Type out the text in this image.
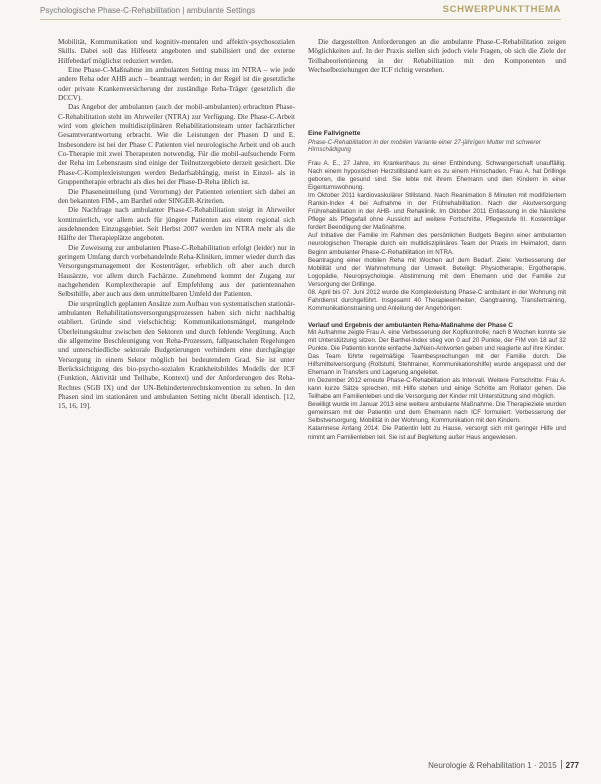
Psychologische Phase-C-Rehabilitation | ambulante Settings	SCHWERPUNKTTHEMA

Mobilität, Kommunikation und kognitiv-mentalen und affektiv-psychosozialen Skills. Dabei soll das Hilfesetz angeboten und stabilisiert und der externe Hilfebedarf möglichst reduziert werden.

Eine Phase-C-Maßnahme im ambulanten Setting muss im NTRA – wie jede andere Reha oder AHB auch – beantragt werden; in der Regel ist die gesetzliche oder private Krankenversicherung der zuständige Reha-Träger (gesetzlich die DCCV).

Das Angebot der ambulanten (auch der mobil-ambulanten) erbrachten Phase-C-Rehabilitation steht im Ahrweiler (NTRA) zur Verfügung. Die Phase-C-Arbeit wird vom gleichen multidisziplinären Rehabilitationsteam unter fachärztlicher Gesamtverantwortung erbracht. Wie die Leistungen der Phasen D und E. Insbesondere ist bei der Phase C Patienten viel neurologische Arbeit und ob auch Co-Therapie mit zwei Therapeuten notwendig. Für die mobil-aufsuchende Form der Reha im Lebensraum sind einige der Teilnutzergebiete derzeit gesichert. Die Phase-C-Komplexleistungen werden Bedarfsabhängig, meist in Einzel- als in Gruppentherapie erbracht als dies bei der Phase-D-Reha üblich ist.

Die Phaseneinteilung (und Verortung) der Patienten orientiert sich dabei an den bekannten FIM-, am Barthel oder SINGER-Kriterien.

Die Nachfrage nach ambulanter Phase-C-Rehabilitation steigt in Ahrweiler kontinuierlich, vor allem auch für jüngere Patienten aus einem regional sich ausdehnenden Einzugsgebiet. Seit Herbst 2007 werden im NTRA mehr als die Hälfte der Therapieplätze angeboten.

Die Zuweisung zur ambulanten Phase-C-Rehabilitation erfolgt (leider) nur in geringem Umfang durch vorbehandelnde Reha-Kliniken, immer wieder durch das Versorgungsmanagement der Kostenträger, erheblich oft aber auch durch Hausärzte, vor allem durch Fachärzte. Zunehmend kommt der Zugang zur nachgehenden Komplextherapie auf Empfehlung aus der patientennahen Selbsthilfe, aber auch aus dem unmittelbaren Umfeld der Patienten.

Die ursprünglich geplanten Ansätze zum Aufbau von systematischen stationär-ambulanten Rehabilitationsversorgungsprozessen haben sich nicht nachhaltig etabliert. Gründe sind vielschichtig: Kommunikationsmängel, mangelnde Überleitungskultur zwischen den Sektoren und durch fehlende Vergütung. Auch die allgemeine Beschleunigung von Reha-Prozessen, fallpauschalen Regelungen und unterschiedliche sektorale Budgetierungen verhindern eine durchgängige Versorgung in einem Sektor möglich bei bedeutendem Grad. Sie ist unter Berücksichtigung des bio-psycho-sozialen Krankheitsbildes Modells der ICF (Funktion, Aktivität und Teilhabe, Kontext) und der Anforderungen des Reha-Rechtes (SGB IX) und der UN-Behindertenrechtskonvention zu sehen. In den Phasen sind im stationären und ambulanten Setting nicht überall identisch. [12, 15, 16, 19].

Die dargestellten Anforderungen an die ambulante Phase-C-Rehabilitation zeigen Möglichkeiten auf. In der Praxis stellen sich jedoch viele Fragen, ob sich die Ziele der Teilhabeorientierung in der Rehabilitation mit den Komponenten und Wechselbeziehungen der ICF richtig verstehen.

Eine Fallvignette
Phase-C-Rehabilitation in der mobilen Variante einer 27-jährigen Mutter mit schwerer Hirnschädigung

Frau A. E., 27 Jahre, im Krankenhaus zu einer Entbindung. Schwangerschaft unauffällig. Nach einem hypoxischen Herzstillstand kam es zu einem Hirnschaden. Frau A. hat Drillinge geboren, die gesund sind. Sie lebte mit ihrem Ehemann und den Kindern in einer Eigentumswohnung.

Im Oktober 2011 kardiovaskulärer Stillstand. Nach Reanimation 8 Minuten mit modifiziertem Rankin-Index 4 bei Aufnahme in der Frührehabilitation. Nach der Akutversorgung Frührehabilitation in der AHB- und Rehaklinik. Im Oktober 2011 Entlassung in die häusliche Pflege als Pflegefall ohne Aussicht auf weitere Fortschritte, Pflegestufe III. Kostenträger fordert Beendigung der Maßnahme.

Auf Initiative der Familie im Rahmen des persönlichen Budgets Beginn einer ambulanten neurologischen Therapie durch ein multidisziplinäres Team der Praxis im Heimatort, dann Beginn ambulanter Phase-C-Rehabilitation im NTRA.

Beantragung einer mobilen Reha mit Wochen auf dem Bedarf. Ziele: Verbesserung der Mobilität und der Wahrnehmung der Umwelt. Beteiligt: Physiotherapie, Ergotherapie, Logopädie, Neuropsychologie. Abstimmung mit dem Ehemann und der Familie zur Versorgung der Drillinge.

08. April bis 07. Juni 2012 wurde die Komplexleistung Phase-C ambulant in der Wohnung mit Fahrdienst durchgeführt. Insgesamt 40 Therapieeinheiten; Gangtraining, Transfertraining, Kommunikationstraining und Anleitung der Angehörigen.

Verlauf und Ergebnis der ambulanten Reha-Maßnahme der Phase C

Mit Aufnahme zeigte Frau A. eine Verbesserung der Kopfkontrolle; nach 8 Wochen konnte sie mit Unterstützung sitzen. Der Barthel-Index stieg von 0 auf 20 Punkte, der FIM von 18 auf 32 Punkte. Die Patientin konnte einfache Ja/Nein-Antworten geben und reagierte auf ihre Kinder.

Das Team führte regelmäßige Teambesprechungen mit der Familie durch. Die Hilfsmittelversorgung (Rollstuhl, Stehtrainer, Kommunikationshilfe) wurde angepasst und der Ehemann in Transfers und Lagerung angeleitet.

Im Dezember 2012 erneute Phase-C-Rehabilitation als Intervall. Weitere Fortschritte: Frau A. kann kurze Sätze sprechen, mit Hilfe stehen und einige Schritte am Rollator gehen. Die Teilhabe am Familienleben und die Versorgung der Kinder mit Unterstützung sind möglich.

Bewilligt wurde im Januar 2013 eine weitere ambulante Maßnahme. Die Therapieziele wurden gemeinsam mit der Patientin und dem Ehemann nach ICF formuliert: Verbesserung der Selbstversorgung, Mobilität in der Wohnung, Kommunikation mit den Kindern.

Katamnese Anfang 2014: Die Patientin lebt zu Hause, versorgt sich mit geringer Hilfe und nimmt am Familienleben teil. Sie ist auf Begleitung außer Haus angewiesen.

Neurologie & Rehabilitation 1 · 2015 277
